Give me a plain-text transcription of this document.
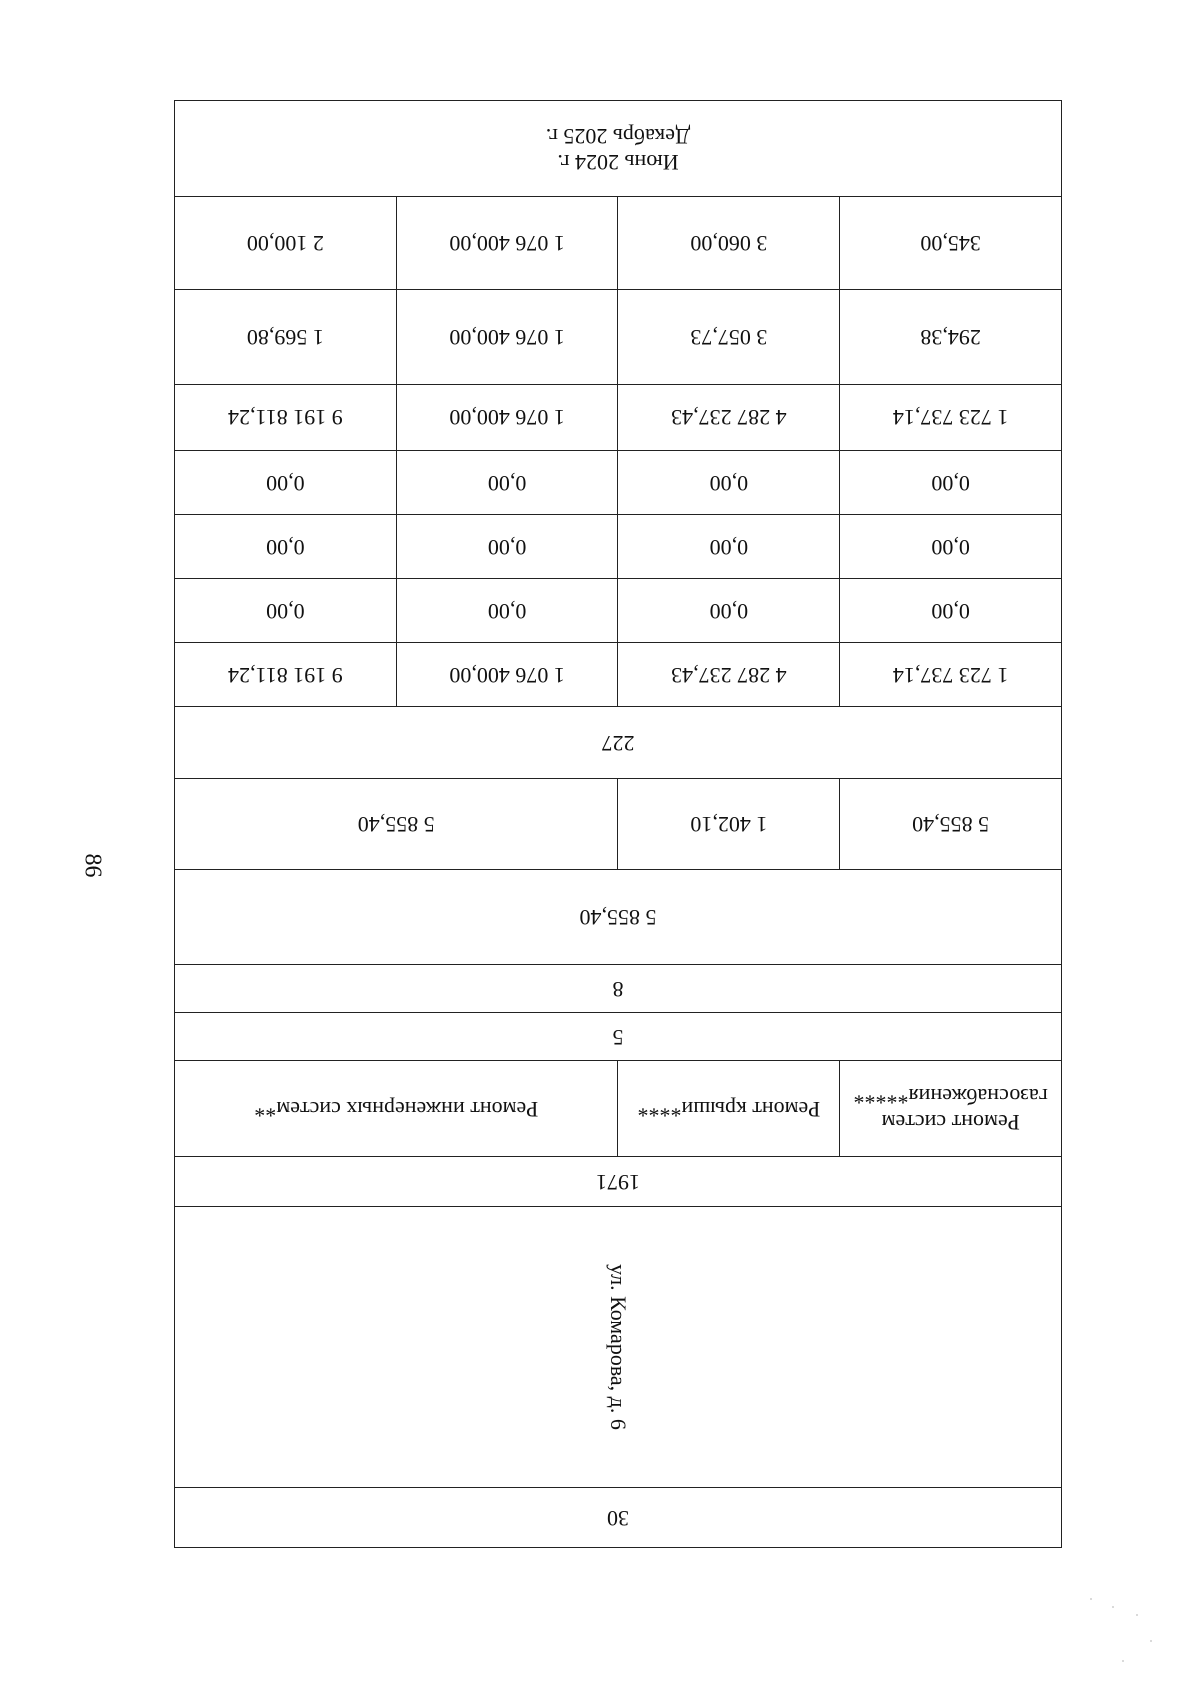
86
30			

ул. Комарова, д. 6			

1971			
Ремонт систем газоснабжения*****	Ремонт крыши****	Ремонт инженерных систем**	
5			
8			
5 855,40			
5 855,40	1 402,10	5 855,40	
227			
1 723 737,14	4 287 237,43	1 076 400,00	9 191 811,24
0,00	0,00	0,00	0,00
0,00	0,00	0,00	0,00
0,00	0,00	0,00	0,00
1 723 737,14	4 287 237,43	1 076 400,00	9 191 811,24
294,38	3 057,73	1 076 400,00	1 569,80
345,00	3 060,00	1 076 400,00	2 100,00

Июнь 2024 г.
Декабрь 2025 г.			
